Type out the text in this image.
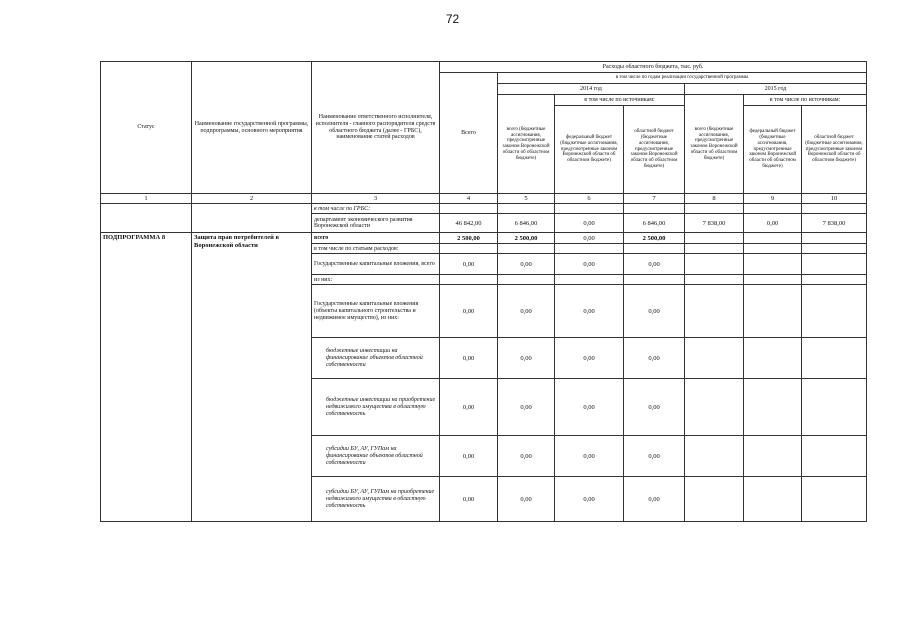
72
Статус	Наименование государственной программы, подпрограммы, основного мероприятия	Наименование ответственного исполнителя, исполнителя - главного распорядителя средств областного бюджета (далее - ГРБС), наименование статей расходов	Расходы областного бюджета, тыс. руб.						
			Всего	в том числе по годам реализации государственной программы					
				2014 год			2015 год		
				всего (бюджетные ассигнования, предусмотренные законом Воронежской области об областном бюджете)	в том числе по источникам:		всего (бюджетные ассигнования, предусмотренные законом Воронежской области об областном бюджете)	в том числе по источникам:	
					федеральный бюджет (бюджетные ассигнования, предусмотренные законом Воронежской области об областном бюджете)	областной бюджет (бюджетные ассигнования, предусмотренные законом Воронежской области об областном бюджете)		федеральный бюджет (бюджетные ассигнования, предусмотренные законом Воронежской области об областном бюджете)	областной бюджет (бюджетные ассигнования, предусмотренные законом Воронежской области об областном бюджете)

1	2	3	4	5	6	7	8	9	10
		в том числе по ГРБС:							
		департамент экономического развития Воронежской области	46 842,00	6 846,00	0,00	6 846,00	7 838,00	0,00	7 838,00
ПОДПРОГРАММА 8	Защита прав потребителей в Воронежской области	всего	2 500,00	2 500,00	0,00	2 500,00			
		в том числе по статьям расходов:							
		Государственные капитальные вложения, всего	0,00	0,00	0,00	0,00			
		из них:							
		Государственные капитальные вложения (объекты капитального строительства и недвижимое имущество), из них:	0,00	0,00	0,00	0,00			
		бюджетные инвестиции на финансирование объектов областной собственности	0,00	0,00	0,00	0,00			
		бюджетные инвестиции на приобретение недвижимого имущества в областную собственность	0,00	0,00	0,00	0,00			
		субсидии БУ, АУ, ГУПам на финансирование объектов областной собственности	0,00	0,00	0,00	0,00			
		субсидии БУ, АУ, ГУПам на приобретение недвижимого имущества в областную собственность	0,00	0,00	0,00	0,00			
